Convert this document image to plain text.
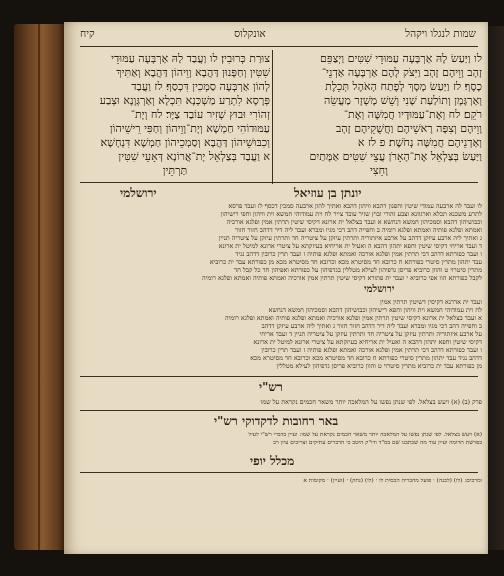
שמות לנגלו ויקהל
אונקלוס
קיח
לו וַיַּעַשׂ לָהּ אַרְבָּעָה עַמּוּדֵי שִׁטִּים וַיְצַפֵּם
זָהָב וָוֵיהֶם זָהָב וַיִּצֹק לָהֶם אַרְבָּעָה אַדְנֵי־
כָסֶף׃ לז וַיַּעַשׂ מָסָךְ לְפֶתַח הָאֹהֶל תְּכֵלֶת
וְאַרְגָּמָן וְתוֹלַעַת שָׁנִי וְשֵׁשׁ מָשְׁזָר מַעֲשֵׂה
רֹקֵם׃ לח וְאֶת־עַמּוּדָיו חֲמִשָּׁה וְאֶת־
וָוֵיהֶם וְצִפָּה רָאשֵׁיהֶם וַחֲשֻׁקֵיהֶם זָהָב
וְאַדְנֵיהֶם חֲמִשָּׁה נְחֹשֶׁת׃ פ לז א
וַיַּעַשׂ בְּצַלְאֵל אֶת־הָאָרֹן עֲצֵי שִׁטִּים אַמָּתַיִם
וָחֵצִי
צוּרַת כְּרוּבִין׃ לו וַעֲבַד לַהּ אַרְבְּעָה עַמּוּדֵי
שִׁטִּין וְחַפָּנוּן דַּהֲבָא וָוֵיהוֹן דַּהֲבָא וְאַתִּיךְ
לְהוֹן אַרְבְּעָה סַמְכִין דִּכְסַף׃ לז וַעֲבַד
פְּרָסָא לִתְרַע מַשְׁכְּנָא תִּכְלָא וְאַרְגְּוָנָא וּצְבַע
זְהוֹרִי וּבוּץ שְׁזִיר עוֹבַד צַיָּר׃ לח וְיָת־
עַמּוּדוֹהִי חַמְשָׁא וְיָת־וָוֵיהוֹן וְחַפִּי רֵישֵׁיהוֹן
וְכִבּוּשֵׁיהוֹן דַּהֲבָא וְסַמְכֵיהוֹן חַמְשָׁא דִּנְחָשָׁא׃
א וַעֲבַד בְּצַלְאֵל יָת־אֲרוֹנָא דְּאָעֵי שִׁטִּין
תַּרְתֵּין
יונתן בן עוזיאל
ירושלמי
לו ועבד לה ארבעה עמודי שיטין וחפנון דהבא וויהון דהבא ואתיך להון ארבעה סמכין דכסף לז ועבד פרסא
לתרע משכנא תכלא וארגוונא וצבע זהורי ובוץ שזיר עובד צייר לח וית עמודוהי חמשא וית וויהון וחפי רישיהון
וכבושיהון דהבא וסמכיהון חמשא דנחשא א ועבד בצלאל ית ארונא דקיסי שיטין תרתין אמין ופלגא אורכיה
ואמתא ופלגא פותיה ואמתא ופלגא רומיה ב וחפייה דהב דכי מגיו ומברא ועבד ליה דיר דדהב חזור חזור
ג ואתיך ליה ארבע עיזקן דדהב על ארבע איזתוריה ותרתין עיזקן על ציטריה חד ותרתין עיזקן על ציטריה תניין
ד ועבד אריחי דקיסי שיטין וחפא יתהון דהבא ה ואעיל ית אריחיא בעיזקתא על ציטרי ארונא למיטל ית ארונא
ו ועבד כפורתא דדהב דכי תרתין אמין ופלגא אורכה ואמתא ופלגא פותיה ז ועבד תרין כרובין דדהב נגיד
עבד יתהון מתרין סיטרי כפורתא ח כרובא חד מסיטרא מכא וכרובא חד מסיטרא מכא מן כפורתא עבד ית כרוביא
מתרין סיטרוי ט והוון כרוביא פריסן גדפיהון לעילא מטללין בגדפיהון על כפורתא ואפיהון חד כל קבל חד
לקבל כפורתא הוו אפי כרוביא י ועבד ית פתורא דקיסי שיטין תרתין אמין אורכיה ואמתא פותיה ואמתא ופלגא רומיה
ירושלמי
ועבד ית אדרנא דקיסין דשיטין תרתין אמין
לח וית עמודוהי חמשא וית וויהון וחפא רישיהון וכבושיהון דהבא וסמכיהון חמשא דנחשא
א ועבד בצלאל ית ארונא דקיסי שיטין תרתין אמין ופלגא אורכיה ואמתא ופלגא פותיה ואמתא ופלגא רומיה
ב וחפייה דהב דכי מגיו ומברא ועבד ליה דיר דדהב חזור חזור ג ואתיך ליה ארבע עיזקן דדהב
על ארבע איזתוריה ותרתין עיזקן על ציטריה חד ותרתין עיזקן על ציטריה תניין ד ועבד אריחי
דקיסי שיטין וחפא יתהון דהבא ה ואעיל ית אריחיא בעיזקתא על ציטרי ארונא למיטל ית ארונא
ו ועבד כפורתא דדהב דכי תרתין אמין ופלגא אורכה ואמתא ופלגא פותיה ז ועבד תרין כרובין
דדהב נגיד עבד יתהון מתרין סיטרי כפורתא ח כרובא חד מסיטרא מכא וכרובא חד מסיטרא מכא
מן כפורתא עבד ית כרוביא מתרין סיטרוי ט והוון כרוביא פריסן גדפיהון לעילא מטללין
רש"י
פרק (ב) (א) ויעש בצלאל. לפי שנתן נפשו על המלאכה יותר משאר חכמים נקראת על שמו
באר רחובות לדקדוקי רש"י
(א) ויעש בצלאל. לפי שנתן נפשו על המלאכה יותר משאר חכמים נקראת על שמו: ועיין בדברי רש"י לעיל
בפרשת תרומה ועיין עוד מה שכתבנו שם בס"ד ודו"ק היטב כי הדברים עתיקים וצריכים עיון רב
מכלל יופי
ומרבים: (לו) (לבנה) · פועל מהבריה הכסית לו · (לו) (נתק) · (ועיין) · מקומות א
